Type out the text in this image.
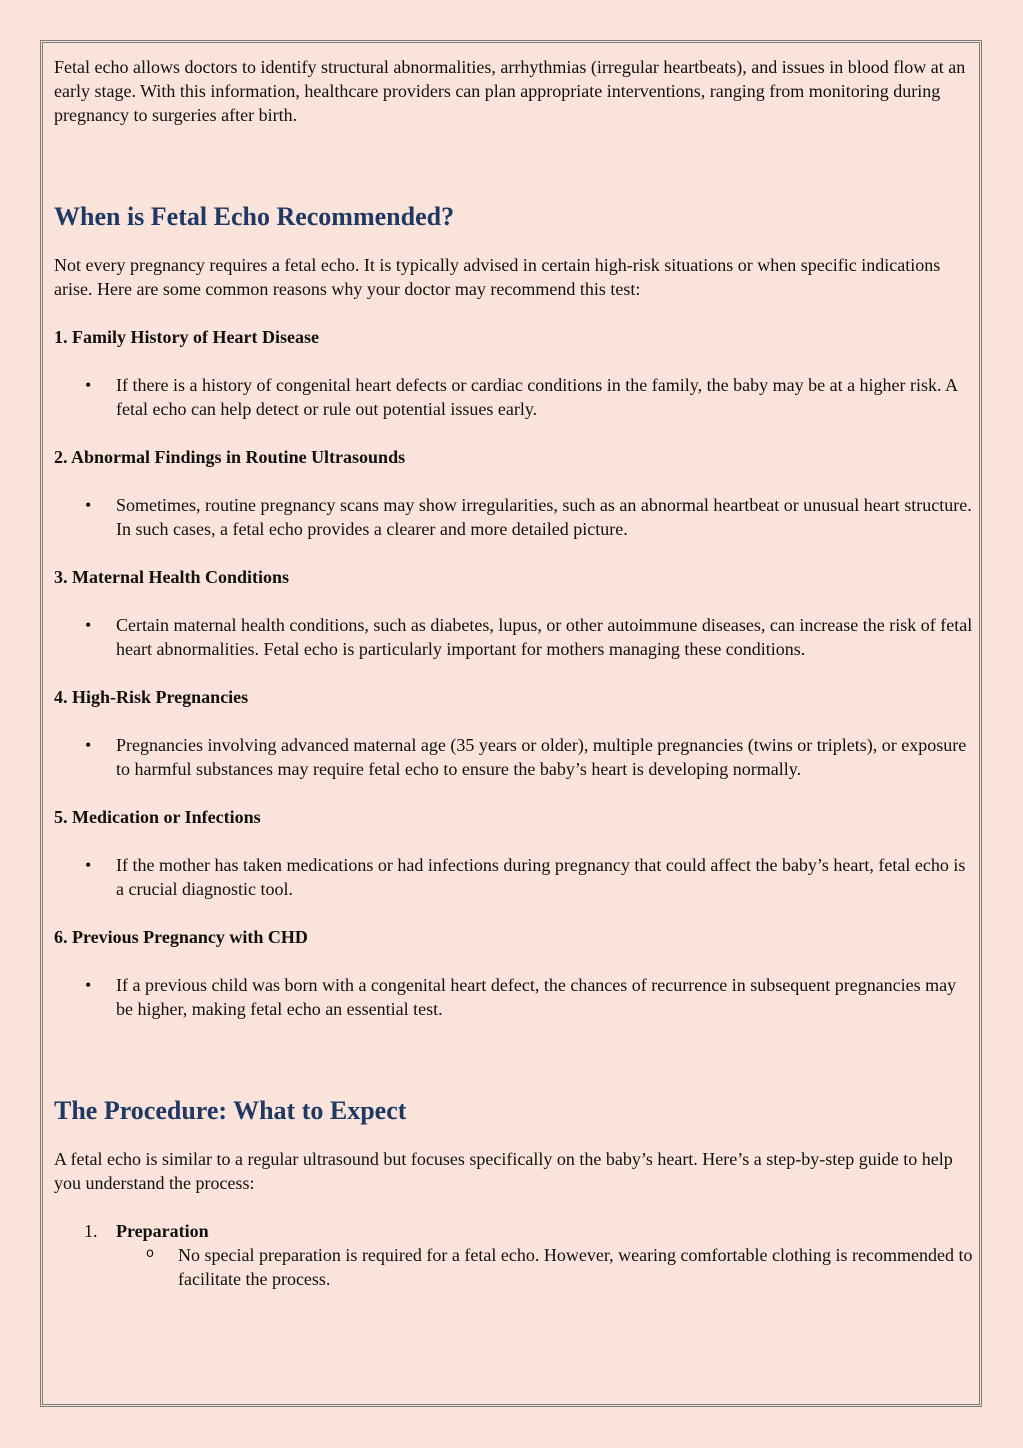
Fetal echo allows doctors to identify structural abnormalities, arrhythmias (irregular heartbeats), and issues in blood flow at an early stage. With this information, healthcare providers can plan appropriate interventions, ranging from monitoring during pregnancy to surgeries after birth.

When is Fetal Echo Recommended?

Not every pregnancy requires a fetal echo. It is typically advised in certain high-risk situations or when specific indications arise. Here are some common reasons why your doctor may recommend this test:

1. Family History of Heart Disease
• If there is a history of congenital heart defects or cardiac conditions in the family, the baby may be at a higher risk. A fetal echo can help detect or rule out potential issues early.
2. Abnormal Findings in Routine Ultrasounds
• Sometimes, routine pregnancy scans may show irregularities, such as an abnormal heartbeat or unusual heart structure. In such cases, a fetal echo provides a clearer and more detailed picture.
3. Maternal Health Conditions
• Certain maternal health conditions, such as diabetes, lupus, or other autoimmune diseases, can increase the risk of fetal heart abnormalities. Fetal echo is particularly important for mothers managing these conditions.
4. High-Risk Pregnancies
• Pregnancies involving advanced maternal age (35 years or older), multiple pregnancies (twins or triplets), or exposure to harmful substances may require fetal echo to ensure the baby’s heart is developing normally.
5. Medication or Infections
• If the mother has taken medications or had infections during pregnancy that could affect the baby’s heart, fetal echo is a crucial diagnostic tool.
6. Previous Pregnancy with CHD
• If a previous child was born with a congenital heart defect, the chances of recurrence in subsequent pregnancies may be higher, making fetal echo an essential test.
The Procedure: What to Expect

A fetal echo is similar to a regular ultrasound but focuses specifically on the baby’s heart. Here’s a step-by-step guide to help you understand the process:

1. Preparation
o No special preparation is required for a fetal echo. However, wearing comfortable clothing is recommended to facilitate the process.
